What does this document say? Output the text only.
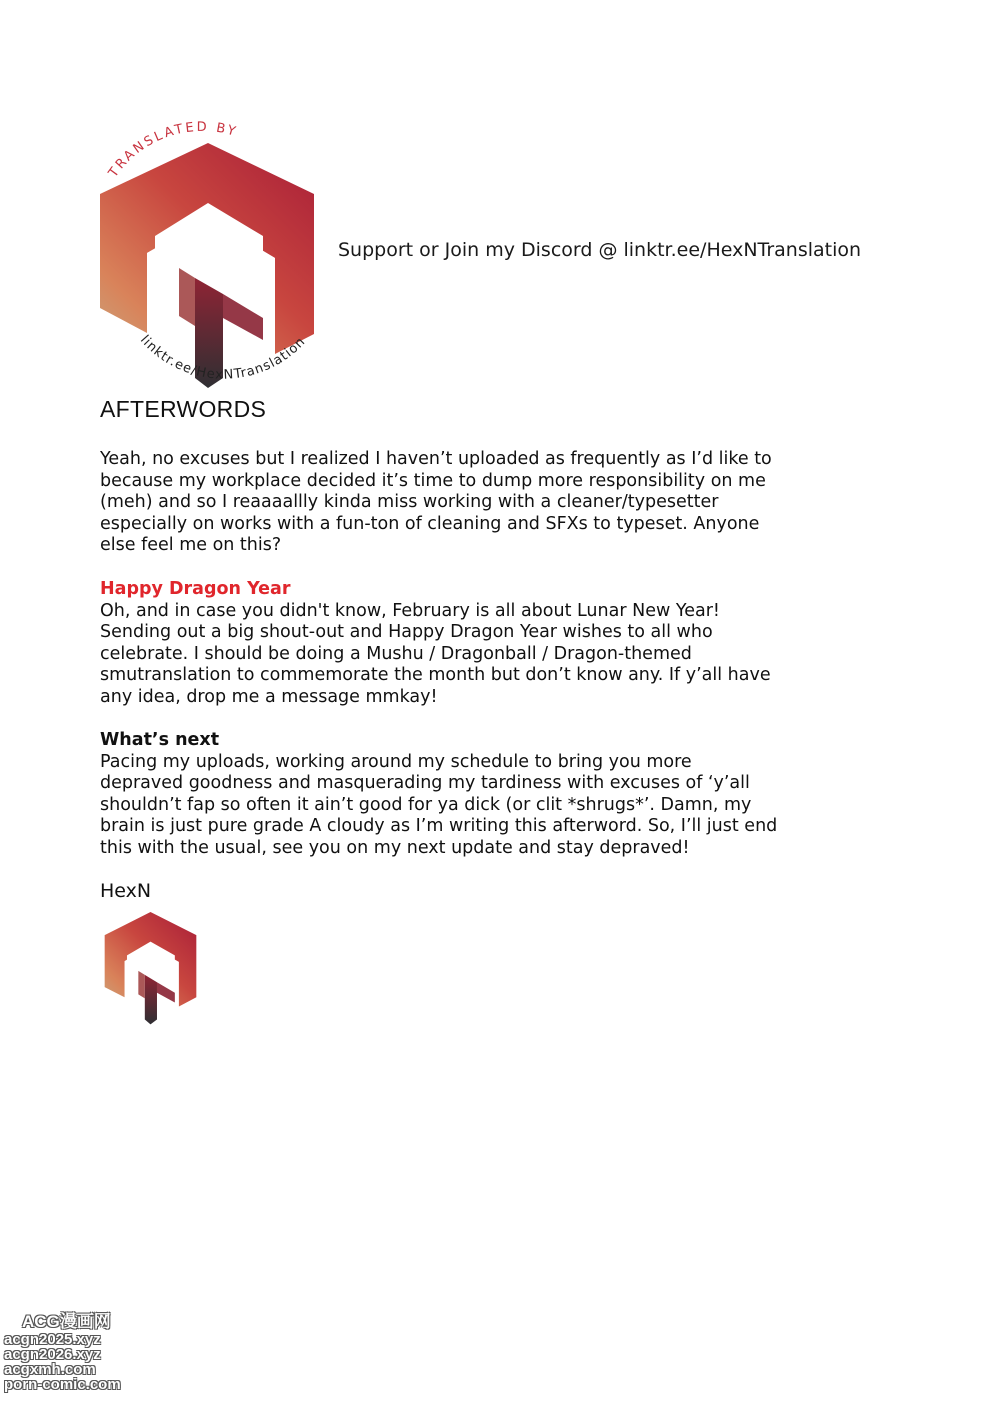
TRANSLATED BY
linktr.ee/HexNTranslation
Support or Join my Discord @ linktr.ee/HexNTranslation
AFTERWORDS
Yeah, no excuses but I realized I haven’t uploaded as frequently as I’d like to
because my workplace decided it’s time to dump more responsibility on me
(meh) and so I reaaaallly kinda miss working with a cleaner/typesetter
especially on works with a fun-ton of cleaning and SFXs to typeset. Anyone
else feel me on this?
Happy Dragon Year
Oh, and in case you didn't know, February is all about Lunar New Year!
Sending out a big shout-out and Happy Dragon Year wishes to all who
celebrate. I should be doing a Mushu / Dragonball / Dragon-themed
smutranslation to commemorate the month but don’t know any. If y’all have
any idea, drop me a message mmkay!
What’s next
Pacing my uploads, working around my schedule to bring you more
depraved goodness and masquerading my tardiness with excuses of ‘y’all
shouldn’t fap so often it ain’t good for ya dick (or clit *shrugs*’. Damn, my
brain is just pure grade A cloudy as I’m writing this afterword. So, I’ll just end
this with the usual, see you on my next update and stay depraved!
HexN
ACG漫画网
acgn2025.xyz
acgn2026.xyz
acgxmh.com
porn-comic.com
